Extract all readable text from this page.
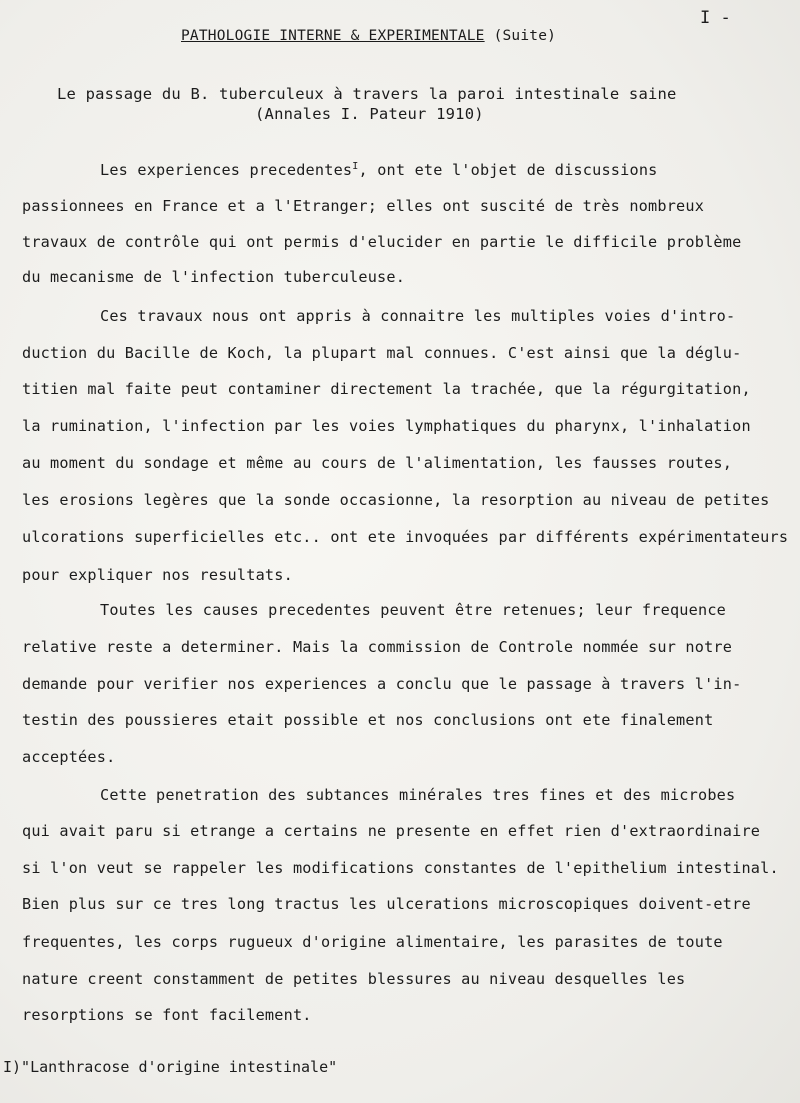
I -
PATHOLOGIE INTERNE & EXPERIMENTALE (Suite)
Le passage du B. tuberculeux à travers la paroi intestinale saine
(Annales I. Pateur 1910)
Les experiences precedentes$^I$, ont ete l'objet de discussions
passionnees en France et a l'Etranger; elles ont suscité de très nombreux
travaux de contrôle qui ont permis d'elucider en partie le difficile problème
du mecanisme de l'infection tuberculeuse.
Ces travaux nous ont appris à connaitre les multiples voies d'intro-
duction du Bacille de Koch, la plupart mal connues. C'est ainsi que la déglu-
titien mal faite peut contaminer directement la trachée, que la régurgitation,
la rumination, l'infection par les voies lymphatiques du pharynx, l'inhalation
au moment du sondage et même au cours de l'alimentation, les fausses routes,
les erosions legères que la sonde occasionne, la resorption au niveau de petites
ulcorations superficielles etc.. ont ete invoquées par différents expérimentateurs
pour expliquer nos resultats.
Toutes les causes precedentes peuvent être retenues; leur frequence
relative reste a determiner. Mais la commission de Controle nommée sur notre
demande pour verifier nos experiences a conclu que le passage à travers l'in-
testin des poussieres etait possible et nos conclusions ont ete finalement
acceptées.
Cette penetration des subtances minérales tres fines et des microbes
qui avait paru si etrange a certains ne presente en effet rien d'extraordinaire
si l'on veut se rappeler les modifications constantes de l'epithelium intestinal.
Bien plus sur ce tres long tractus les ulcerations microscopiques doivent-etre
frequentes, les corps rugueux d'origine alimentaire, les parasites de toute
nature creent constamment de petites blessures au niveau desquelles les
resorptions se font facilement.
I)"Lanthracose d'origine intestinale"
